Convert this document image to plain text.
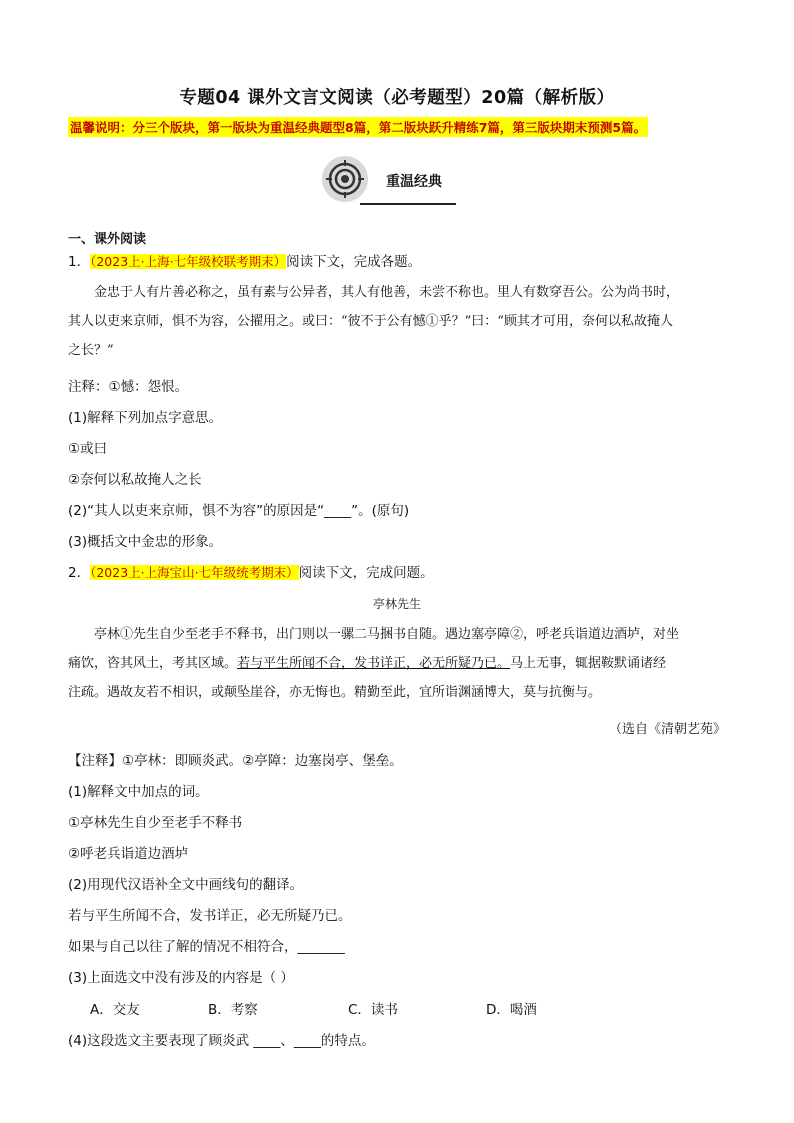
专题04 课外文言文阅读（必考题型）20篇（解析版）
温馨说明：分三个版块，第一版块为重温经典题型8篇，第二版块跃升精练7篇，第三版块期末预测5篇。
重温经典
一、课外阅读
1．（2023上·上海·七年级校联考期末）阅读下文，完成各题。
金忠于人有片善必称之，虽有素与公异者，其人有他善，未尝不称也。里人有数穿吾公。公为尚书时，
其人以吏来京师，惧不为容，公擢用之。或曰：“彼不于公有憾①乎？”曰：“顾其才可用，奈何以私故掩人
之长？”
注释：①憾：怨恨。
(1)解释下列加点字意思。
①或曰
②奈何以私故掩人之长
(2)“其人以吏来京师，惧不为容”的原因是“____”。(原句)
(3)概括文中金忠的形象。
2．（2023上·上海宝山·七年级统考期末）阅读下文，完成问题。
亭林先生
亭林①先生自少至老手不释书，出门则以一骡二马捆书自随。遇边塞亭障②，呼老兵诣道边酒垆，对坐
痛饮，咨其风土，考其区域。若与平生所闻不合，发书详正，必无所疑乃已。马上无事，辄据鞍默诵诸经
注疏。遇故友若不相识，或颠坠崖谷，亦无悔也。精勤至此，宜所诣渊涵博大，莫与抗衡与。
（选自《清朝艺苑》
【注释】①亭林：即顾炎武。②亭障：边塞岗亭、堡垒。
(1)解释文中加点的词。
①亭林先生自少至老手不释书
②呼老兵诣道边酒垆
(2)用现代汉语补全文中画线句的翻译。
若与平生所闻不合，发书详正，必无所疑乃已。
如果与自己以往了解的情况不相符合，_______
(3)上面选文中没有涉及的内容是（ ）
A．交友	B．考察	C．读书	D．喝酒
(4)这段选文主要表现了顾炎武 ____、____的特点。
